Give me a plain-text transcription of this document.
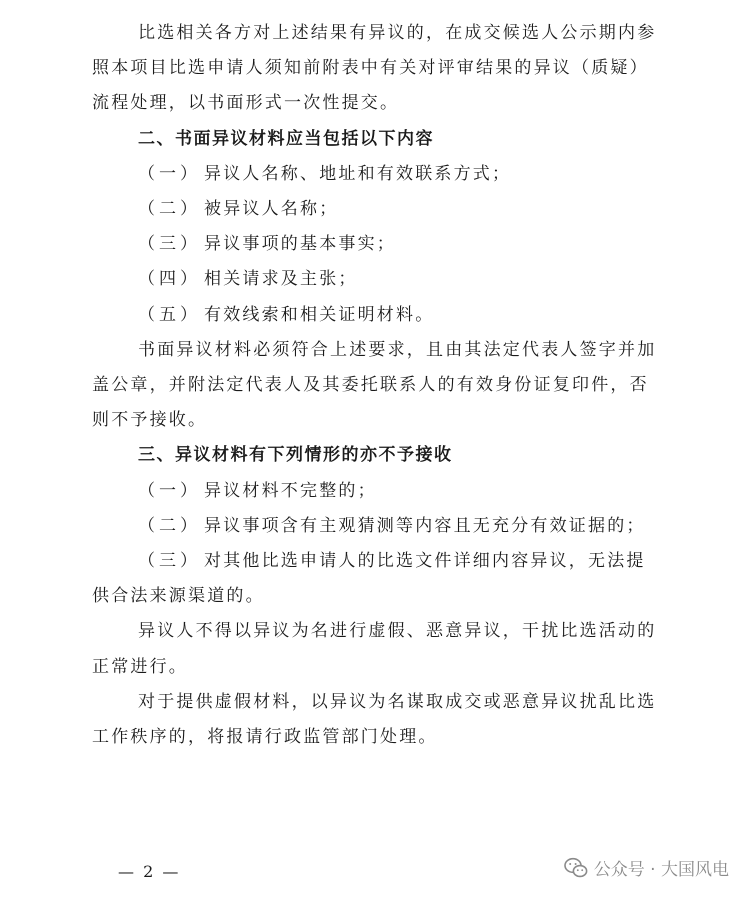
比选相关各方对上述结果有异议的，在成交候选人公示期内参
照本项目比选申请人须知前附表中有关对评审结果的异议（质疑）
流程处理，以书面形式一次性提交。

二、书面异议材料应当包括以下内容

（一） 异议人名称、地址和有效联系方式；

（二） 被异议人名称；

（三） 异议事项的基本事实；

（四） 相关请求及主张；

（五） 有效线索和相关证明材料。

书面异议材料必须符合上述要求，且由其法定代表人签字并加
盖公章，并附法定代表人及其委托联系人的有效身份证复印件，否
则不予接收。

三、异议材料有下列情形的亦不予接收

（一） 异议材料不完整的；

（二） 异议事项含有主观猜测等内容且无充分有效证据的；

（三） 对其他比选申请人的比选文件详细内容异议，无法提

供合法来源渠道的。

异议人不得以异议为名进行虚假、恶意异议，干扰比选活动的
正常进行。

对于提供虚假材料，以异议为名谋取成交或恶意异议扰乱比选
工作秩序的，将报请行政监管部门处理。

— 2 —	公众号 · 大国风电
